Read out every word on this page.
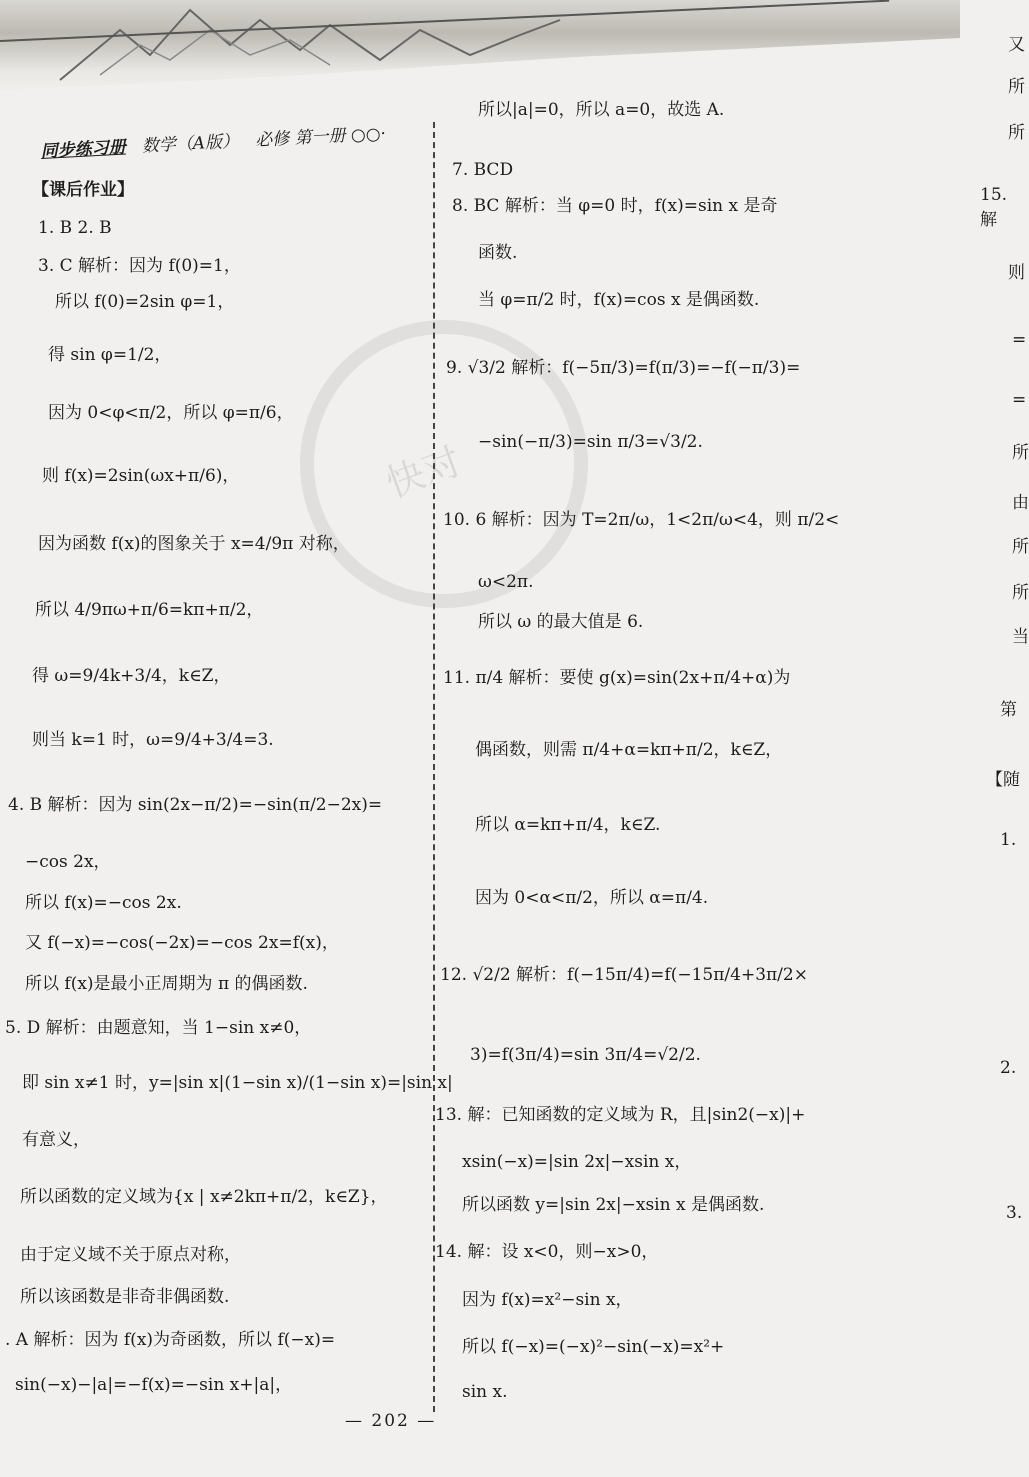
同步练习册 数学（A版） 必修 第一册 ○○·
快对
【课后作业】
1. B 2. B
3. C 解析：因为 f(0)=1，
所以 f(0)=2sin φ=1，
得 sin φ=1/2，
因为 0<φ<π/2，所以 φ=π/6，
则 f(x)=2sin(ωx+π/6)，
因为函数 f(x)的图象关于 x=4/9π 对称，
所以 4/9πω+π/6=kπ+π/2，
得 ω=9/4k+3/4，k∈Z，
则当 k=1 时，ω=9/4+3/4=3.
4. B 解析：因为 sin(2x−π/2)=−sin(π/2−2x)=
−cos 2x，
所以 f(x)=−cos 2x.
又 f(−x)=−cos(−2x)=−cos 2x=f(x)，
所以 f(x)是最小正周期为 π 的偶函数.
5. D 解析：由题意知，当 1−sin x≠0，
即 sin x≠1 时，y=|sin x|(1−sin x)/(1−sin x)=|sin x|
有意义，
所以函数的定义域为{x | x≠2kπ+π/2，k∈Z}，
由于定义域不关于原点对称，
所以该函数是非奇非偶函数.
. A 解析：因为 f(x)为奇函数，所以 f(−x)=
sin(−x)−|a|=−f(x)=−sin x+|a|，
所以|a|=0，所以 a=0，故选 A.
7. BCD
8. BC 解析：当 φ=0 时，f(x)=sin x 是奇
函数.
当 φ=π/2 时，f(x)=cos x 是偶函数.
9. √3/2 解析：f(−5π/3)=f(π/3)=−f(−π/3)=
−sin(−π/3)=sin π/3=√3/2.
10. 6 解析：因为 T=2π/ω，1<2π/ω<4，则 π/2<
ω<2π.
所以 ω 的最大值是 6.
11. π/4 解析：要使 g(x)=sin(2x+π/4+α)为
偶函数，则需 π/4+α=kπ+π/2，k∈Z，
所以 α=kπ+π/4，k∈Z.
因为 0<α<π/2，所以 α=π/4.
12. √2/2 解析：f(−15π/4)=f(−15π/4+3π/2×
3)=f(3π/4)=sin 3π/4=√2/2.
13. 解：已知函数的定义域为 R，且|sin2(−x)|+
xsin(−x)=|sin 2x|−xsin x，
所以函数 y=|sin 2x|−xsin x 是偶函数.
14. 解：设 x<0，则−x>0，
因为 f(x)=x²−sin x，
所以 f(−x)=(−x)²−sin(−x)=x²+
sin x.
又
所
所
15. 解
则
=
=
所
由
所
所
当
第
【随
1.
2.
3.
— 202 —
